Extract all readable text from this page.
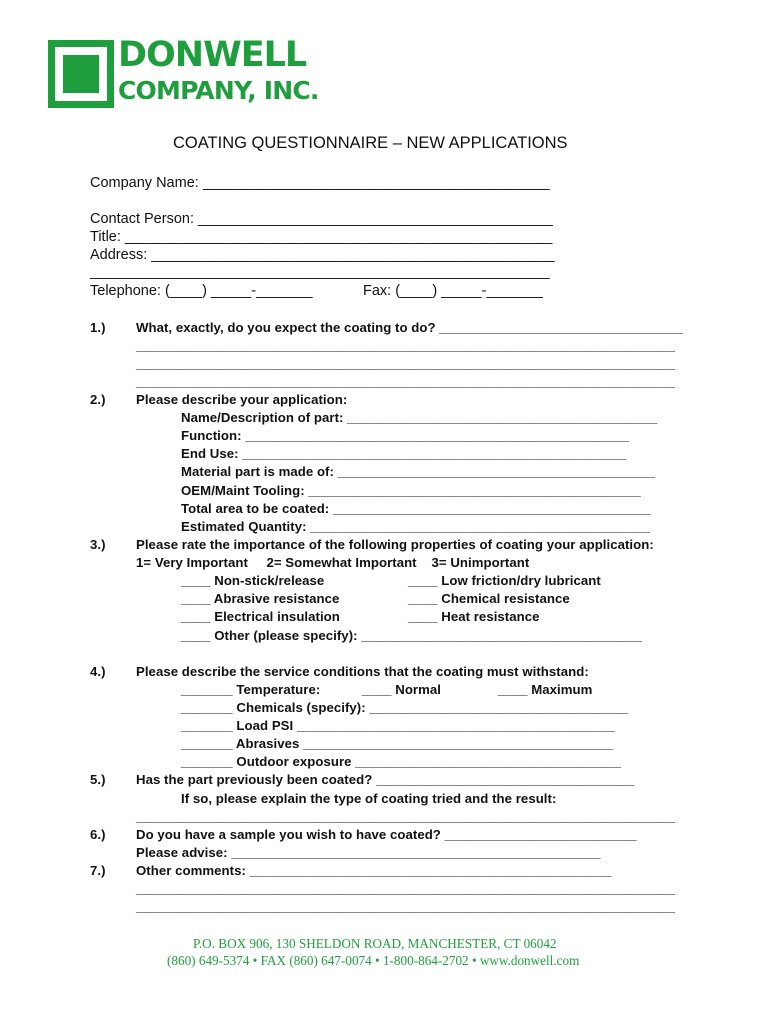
DONWELL
COMPANY, INC.
COATING QUESTIONNAIRE – NEW APPLICATIONS
Company Name: ___________________________________________
Contact Person: ____________________________________________
Title: _____________________________________________________
Address: __________________________________________________
_________________________________________________________
Telephone: (____) _____-_______	Fax: (____) _____-_______
1.) What, exactly, do you expect the coating to do? _________________________________
_________________________________________________________________________
_________________________________________________________________________
_________________________________________________________________________
2.) Please describe your application:
Name/Description of part: __________________________________________
Function: ____________________________________________________
End Use: ____________________________________________________
Material part is made of: ___________________________________________
OEM/Maint Tooling: _____________________________________________
Total area to be coated: ___________________________________________
Estimated Quantity: ______________________________________________
3.) Please rate the importance of the following properties of coating your application:
1= Very Important     2= Somewhat Important    3= Unimportant
____ Non-stick/release	____ Low friction/dry lubricant
____ Abrasive resistance	____ Chemical resistance
____ Electrical insulation	____ Heat resistance
____ Other (please specify): ______________________________________
4.) Please describe the service conditions that the coating must withstand:
_______ Temperature:	____ Normal	____ Maximum
_______ Chemicals (specify): ___________________________________
_______ Load PSI ___________________________________________
_______ Abrasives __________________________________________
_______ Outdoor exposure ____________________________________
5.) Has the part previously been coated? ___________________________________
If so, please explain the type of coating tried and the result:
_________________________________________________________________________
6.) Do you have a sample you wish to have coated? __________________________
Please advise: __________________________________________________
7.) Other comments: _________________________________________________
_________________________________________________________________________
_________________________________________________________________________
P.O. BOX 906, 130 SHELDON ROAD, MANCHESTER, CT 06042
(860) 649-5374 • FAX (860) 647-0074 • 1-800-864-2702 • www.donwell.com
